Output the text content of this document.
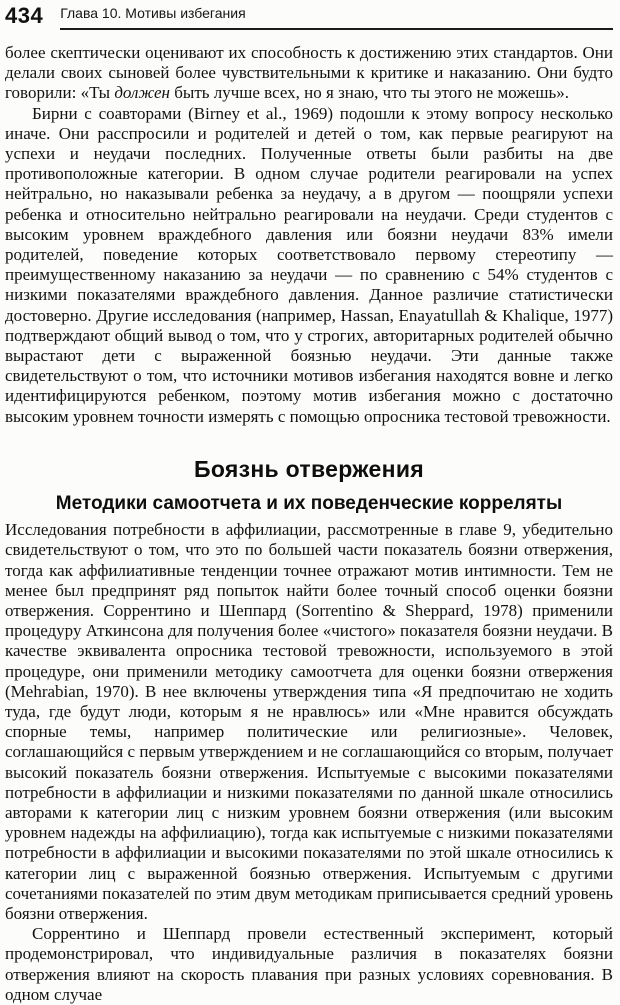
434 Глава 10. Мотивы избегания

более скептически оценивают их способность к достижению этих стандартов. Они делали своих сыновей более чувствительными к критике и наказанию. Они будто говорили: «Ты должен быть лучше всех, но я знаю, что ты этого не можешь».

Бирни с соавторами (Birney et al., 1969) подошли к этому вопросу несколько иначе. Они расспросили и родителей и детей о том, как первые реагируют на успехи и неудачи последних. Полученные ответы были разбиты на две противоположные категории. В одном случае родители реагировали на успех нейтрально, но наказывали ребенка за неудачу, а в другом — поощряли успехи ребенка и относительно нейтрально реагировали на неудачи. Среди студентов с высоким уровнем враждебного давления или боязни неудачи 83% имели родителей, поведение которых соответствовало первому стереотипу — преимущественному наказанию за неудачи — по сравнению с 54% студентов с низкими показателями враждебного давления. Данное различие статистически достоверно. Другие исследования (например, Hassan, Enayatullah & Khalique, 1977) подтверждают общий вывод о том, что у строгих, авторитарных родителей обычно вырастают дети с выраженной боязнью неудачи. Эти данные также свидетельствуют о том, что источники мотивов избегания находятся вовне и легко идентифицируются ребенком, поэтому мотив избегания можно с достаточно высоким уровнем точности измерять с помощью опросника тестовой тревожности.

Боязнь отвержения
Методики самоотчета и их поведенческие корреляты

Исследования потребности в аффилиации, рассмотренные в главе 9, убедительно свидетельствуют о том, что это по большей части показатель боязни отвержения, тогда как аффилиативные тенденции точнее отражают мотив интимности. Тем не менее был предпринят ряд попыток найти более точный способ оценки боязни отвержения. Соррентино и Шеппард (Sorrentino & Sheppard, 1978) применили процедуру Аткинсона для получения более «чистого» показателя боязни неудачи. В качестве эквивалента опросника тестовой тревожности, используемого в этой процедуре, они применили методику самоотчета для оценки боязни отвержения (Mehrabian, 1970). В нее включены утверждения типа «Я предпочитаю не ходить туда, где будут люди, которым я не нравлюсь» или «Мне нравится обсуждать спорные темы, например политические или религиозные». Человек, соглашающийся с первым утверждением и не соглашающийся со вторым, получает высокий показатель боязни отвержения. Испытуемые с высокими показателями потребности в аффилиации и низкими показателями по данной шкале относились авторами к категории лиц с низким уровнем боязни отвержения (или высоким уровнем надежды на аффилиацию), тогда как испытуемые с низкими показателями потребности в аффилиации и высокими показателями по этой шкале относились к категории лиц с выраженной боязнью отвержения. Испытуемым с другими сочетаниями показателей по этим двум методикам приписывается средний уровень боязни отвержения.

Соррентино и Шеппард провели естественный эксперимент, который продемонстрировал, что индивидуальные различия в показателях боязни отвержения влияют на скорость плавания при разных условиях соревнования. В одном случае
